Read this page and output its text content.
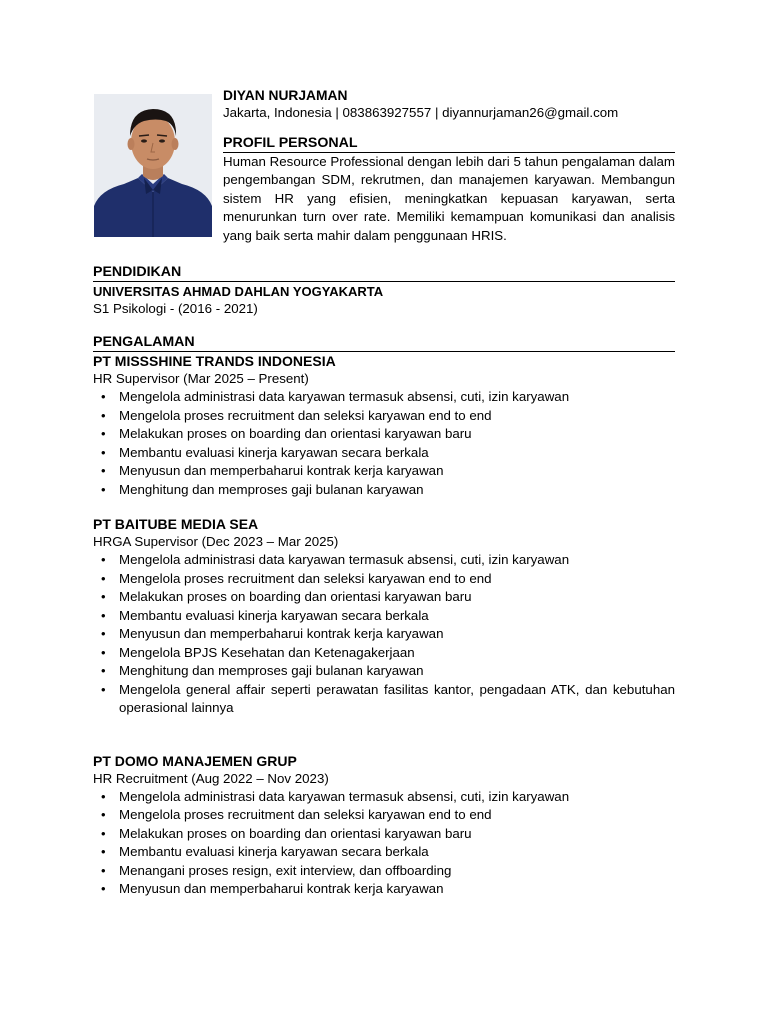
DIYAN NURJAMAN
Jakarta, Indonesia | 083863927557 | diyannurjaman26@gmail.com
PROFIL PERSONAL
Human Resource Professional dengan lebih dari 5 tahun pengalaman dalam pengembangan SDM, rekrutmen, dan manajemen karyawan. Membangun sistem HR yang efisien, meningkatkan kepuasan karyawan, serta menurunkan turn over rate. Memiliki kemampuan komunikasi dan analisis yang baik serta mahir dalam penggunaan HRIS.
PENDIDIKAN
UNIVERSITAS AHMAD DAHLAN YOGYAKARTA
S1 Psikologi - (2016 - 2021)
PENGALAMAN
PT MISSSHINE TRANDS INDONESIA
HR Supervisor (Mar 2025 – Present)
• Mengelola administrasi data karyawan termasuk absensi, cuti, izin karyawan
• Mengelola proses recruitment dan seleksi karyawan end to end
• Melakukan proses on boarding dan orientasi karyawan baru
• Membantu evaluasi kinerja karyawan secara berkala
• Menyusun dan memperbaharui kontrak kerja karyawan
• Menghitung dan memproses gaji bulanan karyawan
PT BAITUBE MEDIA SEA
HRGA Supervisor (Dec 2023 – Mar 2025)
• Mengelola administrasi data karyawan termasuk absensi, cuti, izin karyawan
• Mengelola proses recruitment dan seleksi karyawan end to end
• Melakukan proses on boarding dan orientasi karyawan baru
• Membantu evaluasi kinerja karyawan secara berkala
• Menyusun dan memperbaharui kontrak kerja karyawan
• Mengelola BPJS Kesehatan dan Ketenagakerjaan
• Menghitung dan memproses gaji bulanan karyawan
• Mengelola general affair seperti perawatan fasilitas kantor, pengadaan ATK, dan kebutuhan operasional lainnya
PT DOMO MANAJEMEN GRUP
HR Recruitment (Aug 2022 – Nov 2023)
• Mengelola administrasi data karyawan termasuk absensi, cuti, izin karyawan
• Mengelola proses recruitment dan seleksi karyawan end to end
• Melakukan proses on boarding dan orientasi karyawan baru
• Membantu evaluasi kinerja karyawan secara berkala
• Menangani proses resign, exit interview, dan offboarding
• Menyusun dan memperbaharui kontrak kerja karyawan
